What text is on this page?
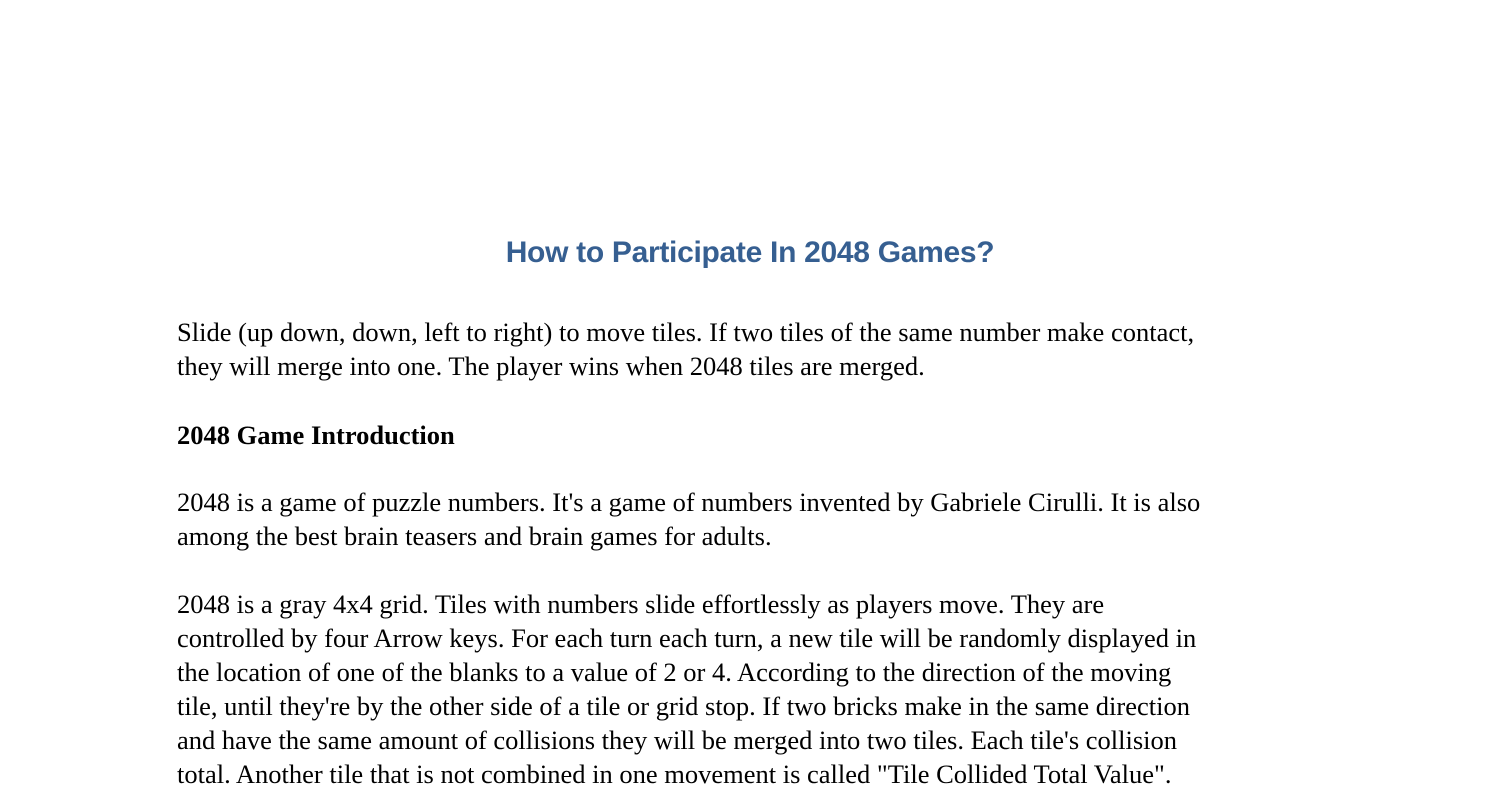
How to Participate In 2048 Games?
Slide (up down, down, left to right) to move tiles. If two tiles of the same number make contact,
they will merge into one. The player wins when 2048 tiles are merged.
2048 Game Introduction
2048 is a game of puzzle numbers. It's a game of numbers invented by Gabriele Cirulli. It is also
among the best brain teasers and brain games for adults.
2048 is a gray 4x4 grid. Tiles with numbers slide effortlessly as players move. They are
controlled by four Arrow keys. For each turn each turn, a new tile will be randomly displayed in
the location of one of the blanks to a value of 2 or 4. According to the direction of the moving
tile, until they're by the other side of a tile or grid stop. If two bricks make in the same direction
and have the same amount of collisions they will be merged into two tiles. Each tile's collision
total. Another tile that is not combined in one movement is called "Tile Collided Total Value".
